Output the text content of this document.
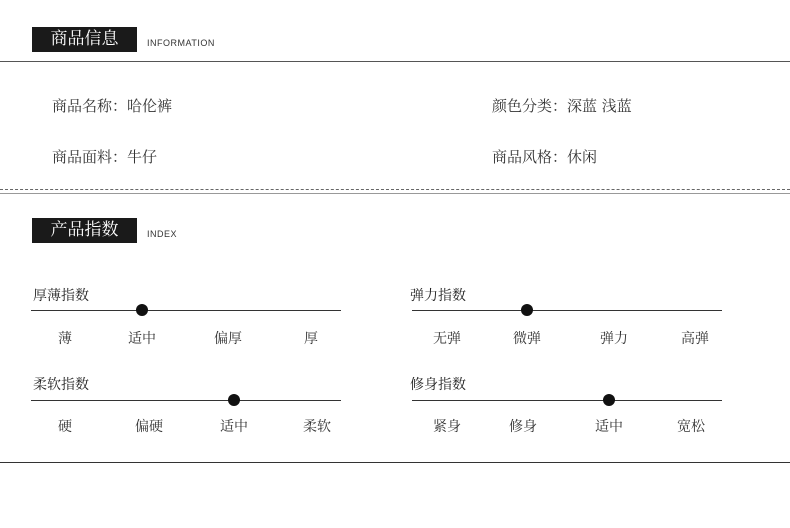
商品信息	INFORMATION
商品名称：哈伦裤	颜色分类：深蓝 浅蓝
商品面料：牛仔	商品风格：休闲
产品指数	INDEX
厚薄指数
薄	适中	偏厚	厚
弹力指数
无弹	微弹	弹力	高弹
柔软指数
硬	偏硬	适中	柔软
修身指数
紧身	修身	适中	宽松
